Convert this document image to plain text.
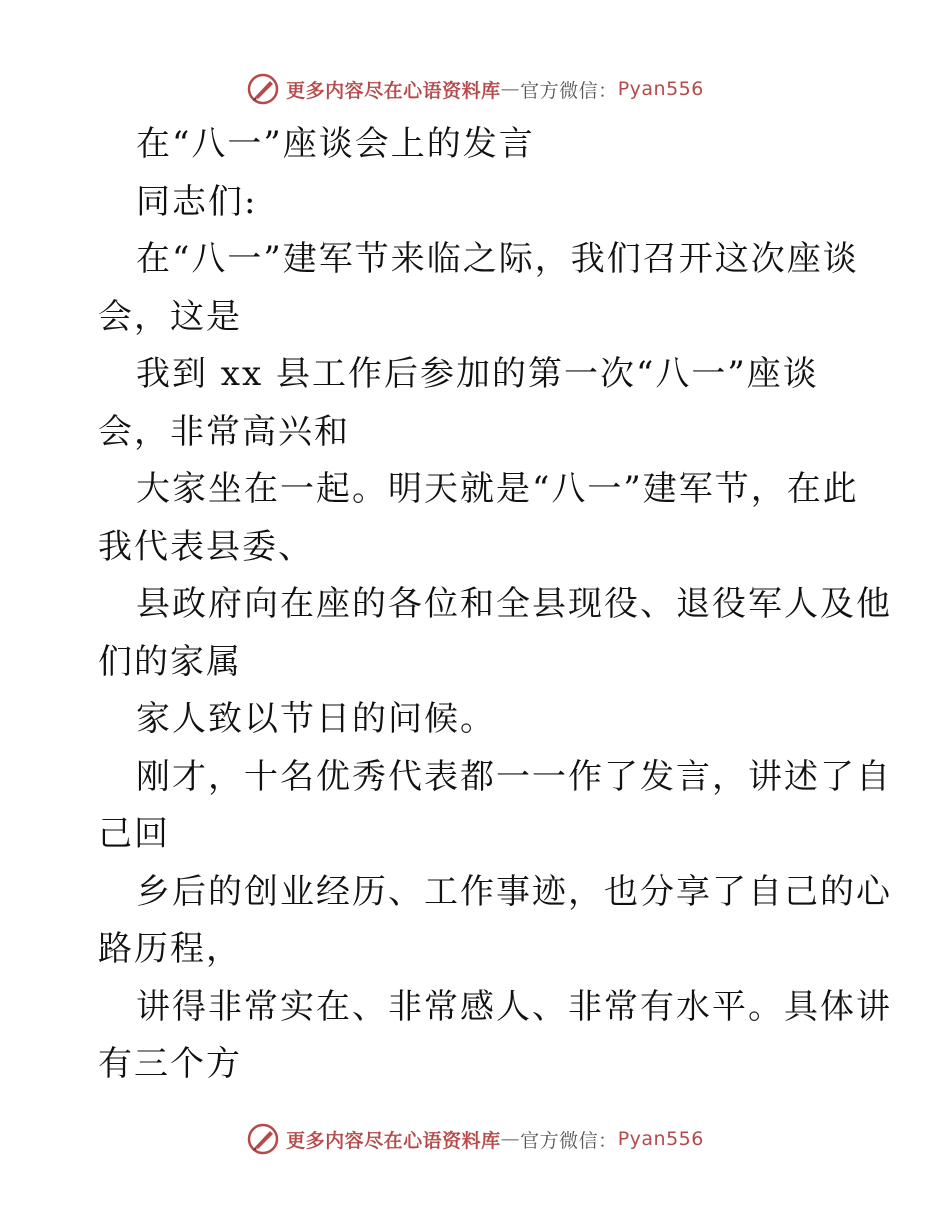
更多内容尽在心语资料库 — 官方微信： Pyan556
在“八一”座谈会上的发言
同志们:
在“八一”建军节来临之际，我们召开这次座谈
会，这是
我到 xx 县工作后参加的第一次“八一”座谈
会，非常高兴和
大家坐在一起。明天就是“八一”建军节，在此
我代表县委、
县政府向在座的各位和全县现役、退役军人及他
们的家属
家人致以节日的问候。
刚才，十名优秀代表都一一作了发言，讲述了自
己回
乡后的创业经历、工作事迹，也分享了自己的心
路历程，
讲得非常实在、非常感人、非常有水平。具体讲
有三个方
更多内容尽在心语资料库 — 官方微信： Pyan556
